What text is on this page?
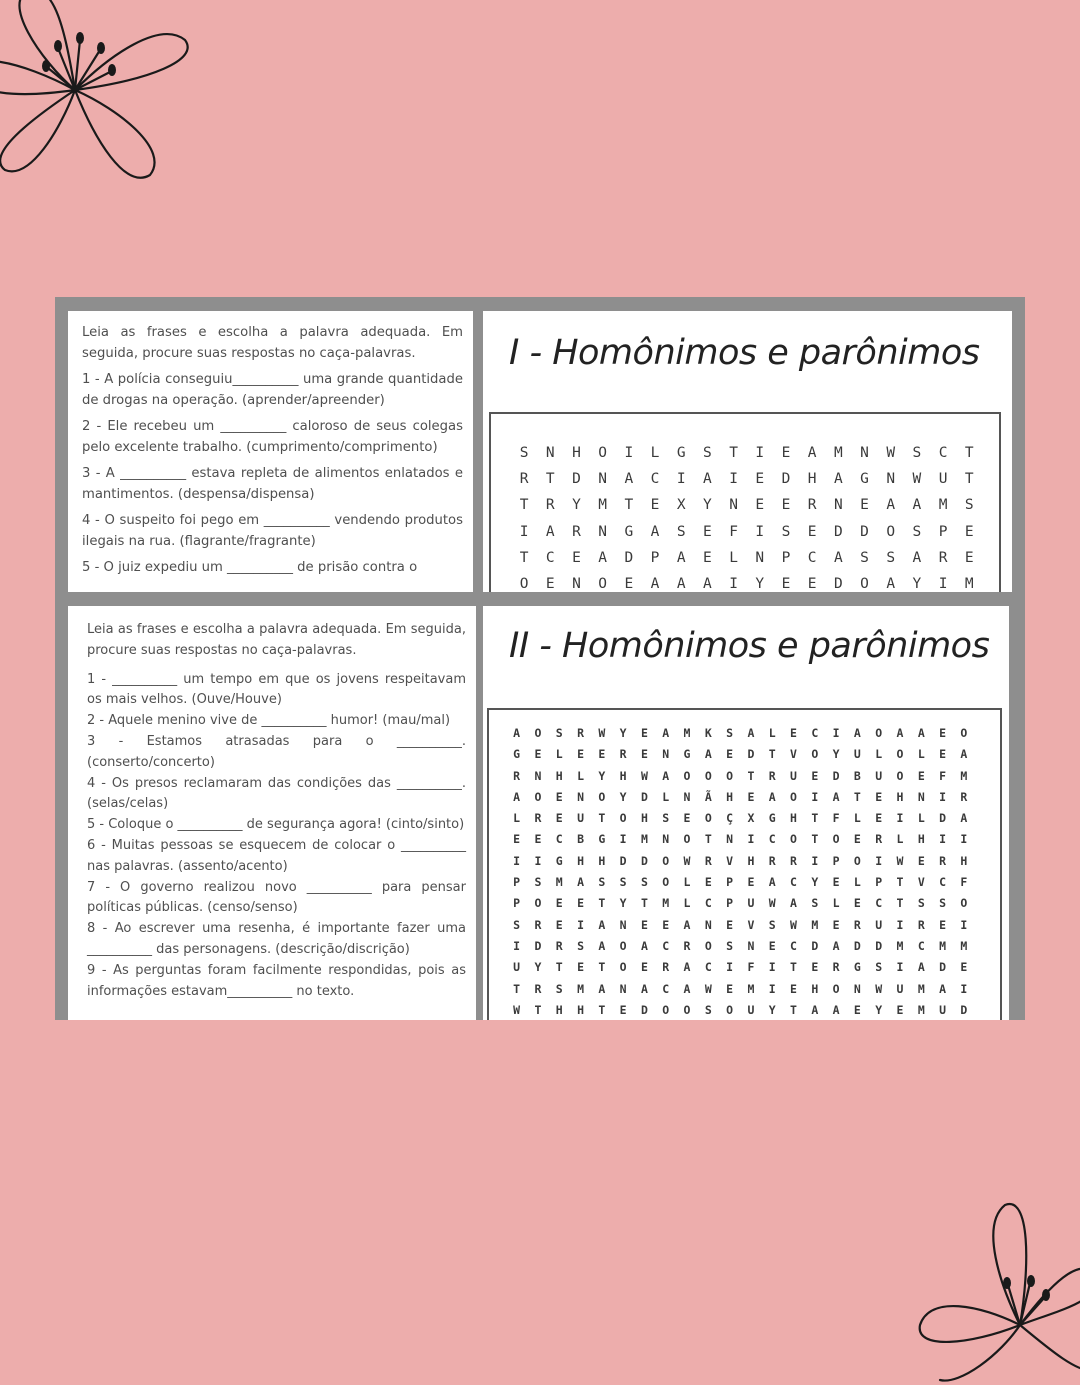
Leia as frases e escolha a palavra adequada. Em seguida, procure suas respostas no caça-palavras.

1 - A polícia conseguiu__________ uma grande quantidade de drogas na operação. (aprender/apreender)

2 - Ele recebeu um __________ caloroso de seus colegas pelo excelente trabalho. (cumprimento/comprimento)

3 - A __________ estava repleta de alimentos enlatados e mantimentos. (despensa/dispensa)

4 - O suspeito foi pego em __________ vendendo produtos ilegais na rua. (flagrante/fragrante)

5 - O juiz expediu um __________ de prisão contra o

I - Homônimos e parônimos
S	N	H	O	I	L	G	S	T	I	E	A	M	N	W	S	C	T
R	T	D	N	A	C	I	A	I	E	D	H	A	G	N	W	U	T
T	R	Y	M	T	E	X	Y	N	E	E	R	N	E	A	A	M	S
I	A	R	N	G	A	S	E	F	I	S	E	D	D	O	S	P	E
T	C	E	A	D	P	A	E	L	N	P	C	A	S	S	A	R	E
O	E	N	O	E	A	A	A	I	Y	E	E	D	O	A	Y	I	M

Leia as frases e escolha a palavra adequada. Em seguida, procure suas respostas no caça-palavras.

1 - __________ um tempo em que os jovens respeitavam os mais velhos. (Ouve/Houve)

2 - Aquele menino vive de __________ humor! (mau/mal)

3 - Estamos atrasadas para o __________. (conserto/concerto)

4 - Os presos reclamaram das condições das __________. (selas/celas)

5 - Coloque o __________ de segurança agora! (cinto/sinto)

6 - Muitas pessoas se esquecem de colocar o __________ nas palavras. (assento/acento)

7 - O governo realizou novo __________ para pensar políticas públicas. (censo/senso)

8 - Ao escrever uma resenha, é importante fazer uma __________ das personagens. (descrição/discrição)

9 - As perguntas foram facilmente respondidas, pois as informações estavam__________ no texto.

II - Homônimos e parônimos
A	O	S	R	W	Y	E	A	M	K	S	A	L	E	C	I	A	O	A	A	E	O
G	E	L	E	E	R	E	N	G	A	E	D	T	V	O	Y	U	L	O	L	E	A
R	N	H	L	Y	H	W	A	O	O	O	T	R	U	E	D	B	U	O	E	F	M
A	O	E	N	O	Y	D	L	N	Ã	H	E	A	O	I	A	T	E	H	N	I	R
L	R	E	U	T	O	H	S	E	O	Ç	X	G	H	T	F	L	E	I	L	D	A
E	E	C	B	G	I	M	N	O	T	N	I	C	O	T	O	E	R	L	H	I	I
I	I	G	H	H	D	D	O	W	R	V	H	R	R	I	P	O	I	W	E	R	H
P	S	M	A	S	S	S	O	L	E	P	E	A	C	Y	E	L	P	T	V	C	F
P	O	E	E	T	Y	T	M	L	C	P	U	W	A	S	L	E	C	T	S	S	O
S	R	E	I	A	N	E	E	A	N	E	V	S	W	M	E	R	U	I	R	E	I
I	D	R	S	A	O	A	C	R	O	S	N	E	C	D	A	D	D	M	C	M	M
U	Y	T	E	T	O	E	R	A	C	I	F	I	T	E	R	G	S	I	A	D	E
T	R	S	M	A	N	A	C	A	W	E	M	I	E	H	O	N	W	U	M	A	I
W	T	H	H	T	E	D	O	O	S	O	U	Y	T	A	A	E	Y	E	M	U	D
